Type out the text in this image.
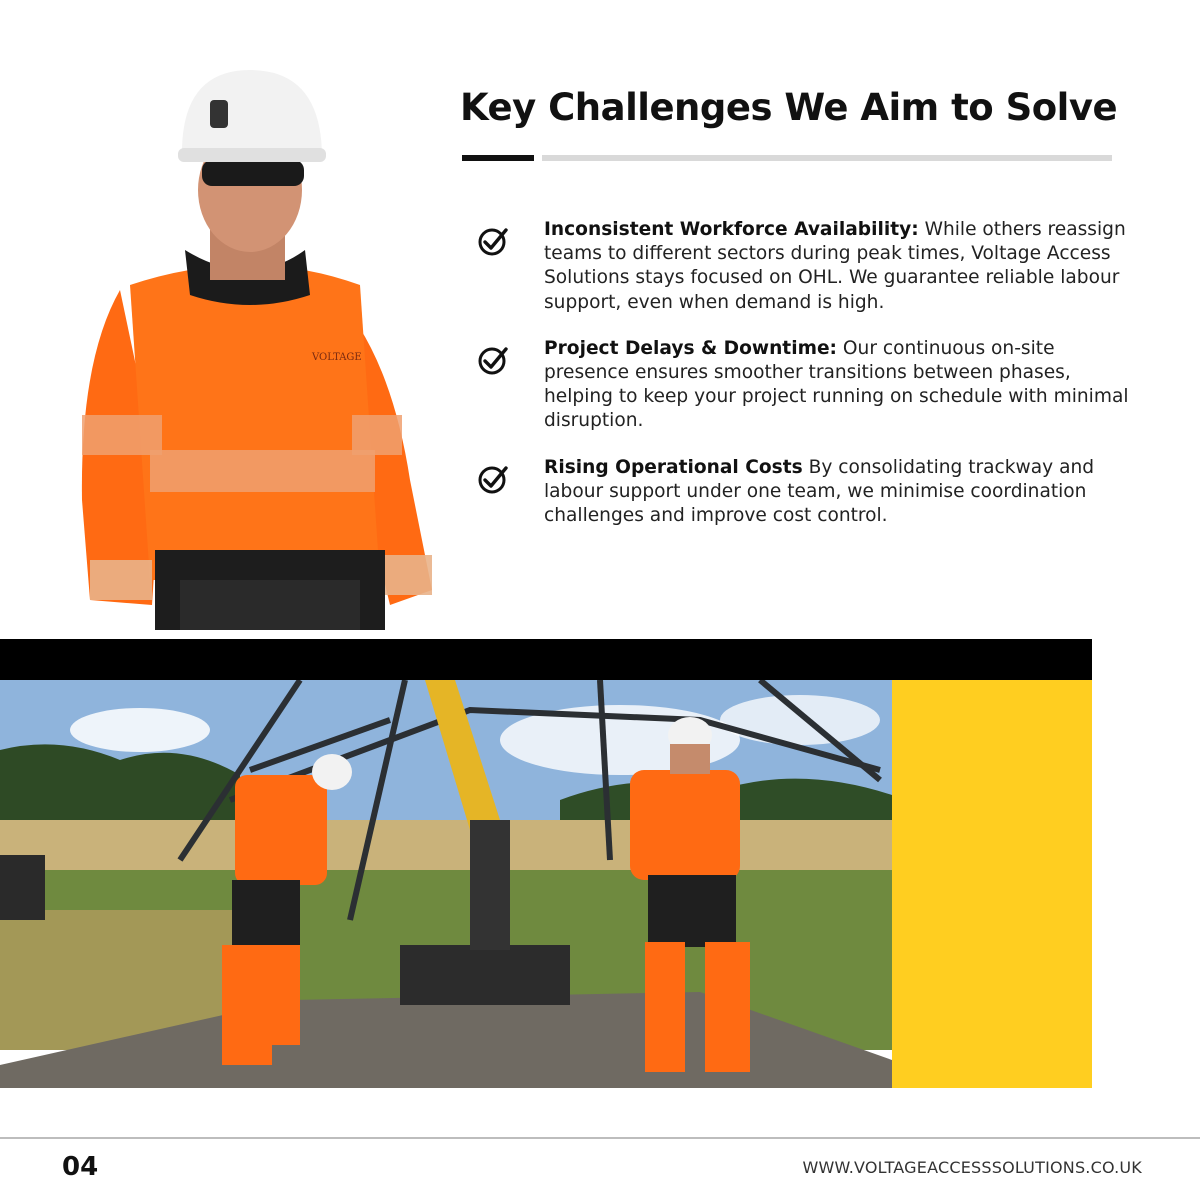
VOLTAGE
Key Challenges We Aim to Solve

Inconsistent Workforce Availability: While others reassign teams to different sectors during peak times, Voltage Access Solutions stays focused on OHL. We guarantee reliable labour support, even when demand is high.

Project Delays & Downtime: Our continuous on-site presence ensures smoother transitions between phases, helping to keep your project running on schedule with minimal disruption.

Rising Operational Costs By consolidating trackway and labour support under one team, we minimise coordination challenges and improve cost control.

04	WWW.VOLTAGEACCESSSOLUTIONS.CO.UK
